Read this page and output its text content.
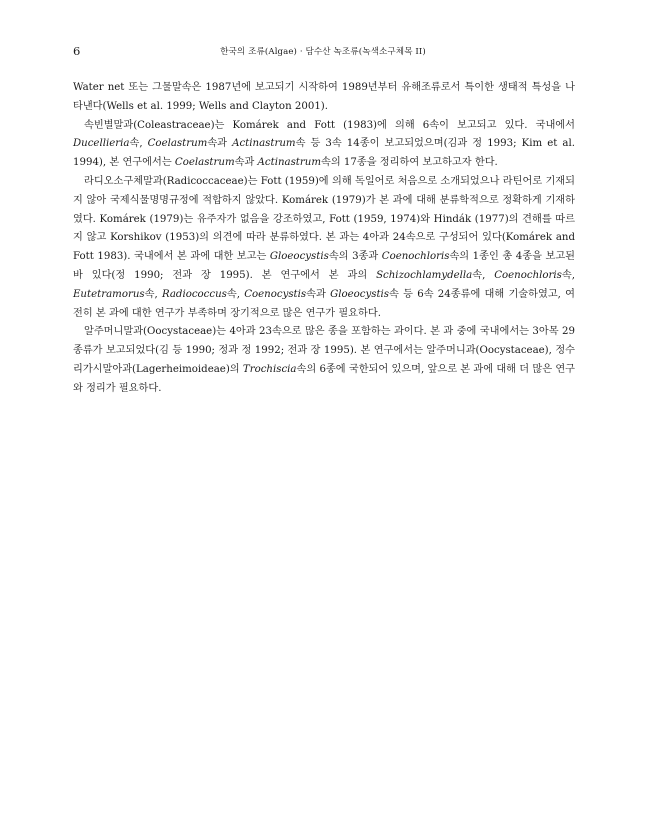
6	한국의 조류(Algae) · 담수산 녹조류(녹색소구체목 II)

Water net 또는 그물말속은 1987년에 보고되기 시작하여 1989년부터 유해조류로서 특이한 생태적 특성을 나타낸다(Wells et al. 1999; Wells and Clayton 2001).

속빈별말과(Coleastraceae)는 Komárek and Fott (1983)에 의해 6속이 보고되고 있다. 국내에서 Ducellieria속, Coelastrum속과 Actinastrum속 등 3속 14종이 보고되었으며(김과 정 1993; Kim et al. 1994), 본 연구에서는 Coelastrum속과 Actinastrum속의 17종을 정리하여 보고하고자 한다.

라디오소구체말과(Radicoccaceae)는 Fott (1959)에 의해 독일어로 처음으로 소개되었으나 라틴어로 기재되지 않아 국제식물명명규정에 적합하지 않았다. Komárek (1979)가 본 과에 대해 분류학적으로 정확하게 기재하였다. Komárek (1979)는 유주자가 없음을 강조하였고, Fott (1959, 1974)와 Hindák (1977)의 견해를 따르지 않고 Korshikov (1953)의 의견에 따라 분류하였다. 본 과는 4아과 24속으로 구성되어 있다(Komárek and Fott 1983). 국내에서 본 과에 대한 보고는 Gloeocystis속의 3종과 Coenochloris속의 1종인 총 4종을 보고된 바 있다(정 1990; 전과 장 1995). 본 연구에서 본 과의 Schizochlamydella속, Coenochloris속, Eutetramorus속, Radiococcus속, Coenocystis속과 Gloeocystis속 등 6속 24종류에 대해 기술하였고, 여전히 본 과에 대한 연구가 부족하며 장기적으로 많은 연구가 필요하다.

알주머니말과(Oocystaceae)는 4아과 23속으로 많은 종을 포함하는 과이다. 본 과 중에 국내에서는 3아목 29종류가 보고되었다(김 등 1990; 정과 정 1992; 전과 장 1995). 본 연구에서는 알주머니과(Oocystaceae), 정수리가시말아과(Lagerheimoideae)의 Trochiscia속의 6종에 국한되어 있으며, 앞으로 본 과에 대해 더 많은 연구와 정리가 필요하다.
